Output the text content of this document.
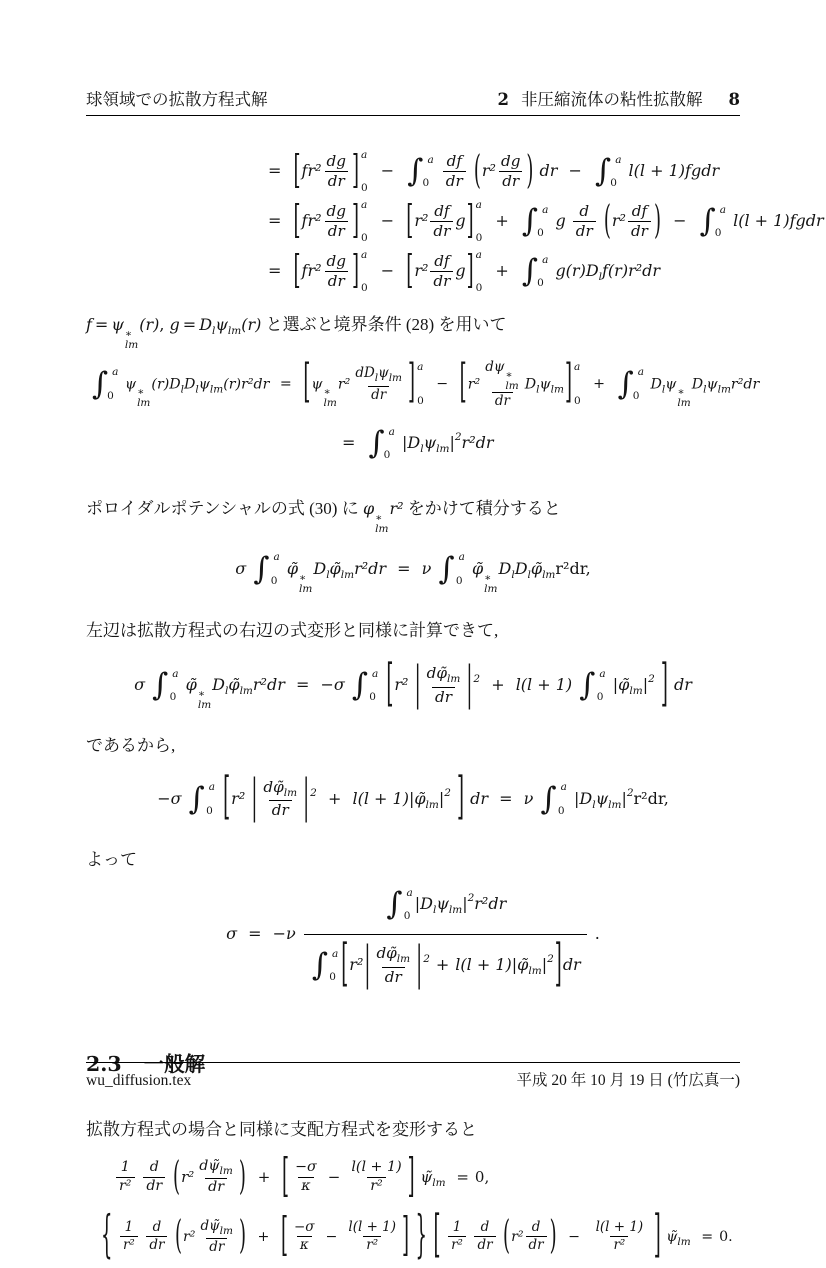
球領域での拡散方程式解	2 非圧縮流体の粘性拡散解 8
= [$fr^2 \frac{dg}{dr}$ ] a
0
− ∫ a
0
$\frac{df}{dr} (r^2 \frac{dg}{dr}$ ) dr − ∫ a
0
l(l + 1)fgdr
= [$fr^2 \frac{dg}{dr}$ ] a
0
− $[r^2 \frac{df}{dr} g]$ a
0
+ ∫ a
0
g $\frac{d}{dr} (r^2 \frac{df}{dr}$ ) − ∫ a
0
l(l + 1)fgdr
= [$fr^2 \frac{dg}{dr}$ ] a
0
− $[r^2 \frac{df}{dr} g]$ a
0
+ ∫ a
0
$g(r)D_lf(r)r^2dr$

f = ψ ∗
lm
(r), $g = D_l\psi_{lm}(r)$ と選ぶと境界条件 (28) を用いて

∫ a
0
ψ ∗
lm
$(r)D_lD_l\psi_{lm}(r)r^2dr = [\psi$ ∗
lm
$r^2 \frac{dD_l\psi_{lm}}{dr}$ ] a
0
− [r² dψ ∗
lm
dr $D_l\psi_{lm}$] a
0
+ ∫ a
0
$D_l\psi$ ∗
lm
$D_l\psi_{lm}r^2dr$
= ∫ a
0
$|D_l\psi_{lm}|^2r^2dr$

ポロイダルポテンシャルの式 (30) に φ ∗
lm
r² をかけて積分すると

σ ∫ a
0
φ̃ ∗
lm
$D_l\varphĩ_{lm}r^2dr = \nu$ ∫ a
0
φ̃ ∗
lm
$D_lD_l\varphĩ_{lm}r^2dr$,

左辺は拡散方程式の右辺の式変形と同様に計算できて,

σ ∫ a
0
φ̃ ∗
lm
$D_l\varphĩ_{lm}r^2dr = -\sigma$ ∫ a
0 [r² | $\frac{d\varphĩ_{lm}}{dr} |^2 + l(l + 1)$ ∫ a
0
$|\varphĩ_{lm}|^2$ ] dr

であるから,

−σ ∫ a
0 [r² | $\frac{d\varphĩ_{lm}}{dr} |^2 + l(l$ + $1)|\varphĩ_{lm}|^2$ ] dr = ν ∫ a
0
$|D_l\psi_{lm}|^2r^2dr$,

よって

σ = −ν ∫ a
0
$|D_l\psi_{lm}|^2r^2dr$
∫ a
0 [$r^2| \frac{d\varphĩ_{lm}}{dr} |^2 + l(l$ + $1)|\varphĩ_{lm}|^2]dr$ .
2.3 一般解

拡散方程式の場合と同様に支配方程式を変形すると

$\frac{1}{\text{r²}}$
$\frac{d}{dr} (r^2 \frac{d\psĩ_{lm}}{dr}$ ) + [ $\frac{-\sigma}{\kappa} - \frac{l(l + 1)}{\text{r²}}$ ] $\psĩ_{lm} = 0$,
{ $\frac{1}{\text{r²}}$
$\frac{d}{dr} (r^2 \frac{d\psĩ_{lm}}{dr}$ ) + [ $\frac{-\sigma}{\kappa} - \frac{l(l + 1)}{\text{r²}}$ ] } [ $\frac{1}{\text{r²}}$
$\frac{d}{dr} (r^2 \frac{d}{dr}$ ) − $\frac{l(l + 1)}{\text{r²}}$ ] $\psĩ_{lm} = 0$.
wu_diffusion.tex	平成 20 年 10 月 19 日 (竹広真一)
